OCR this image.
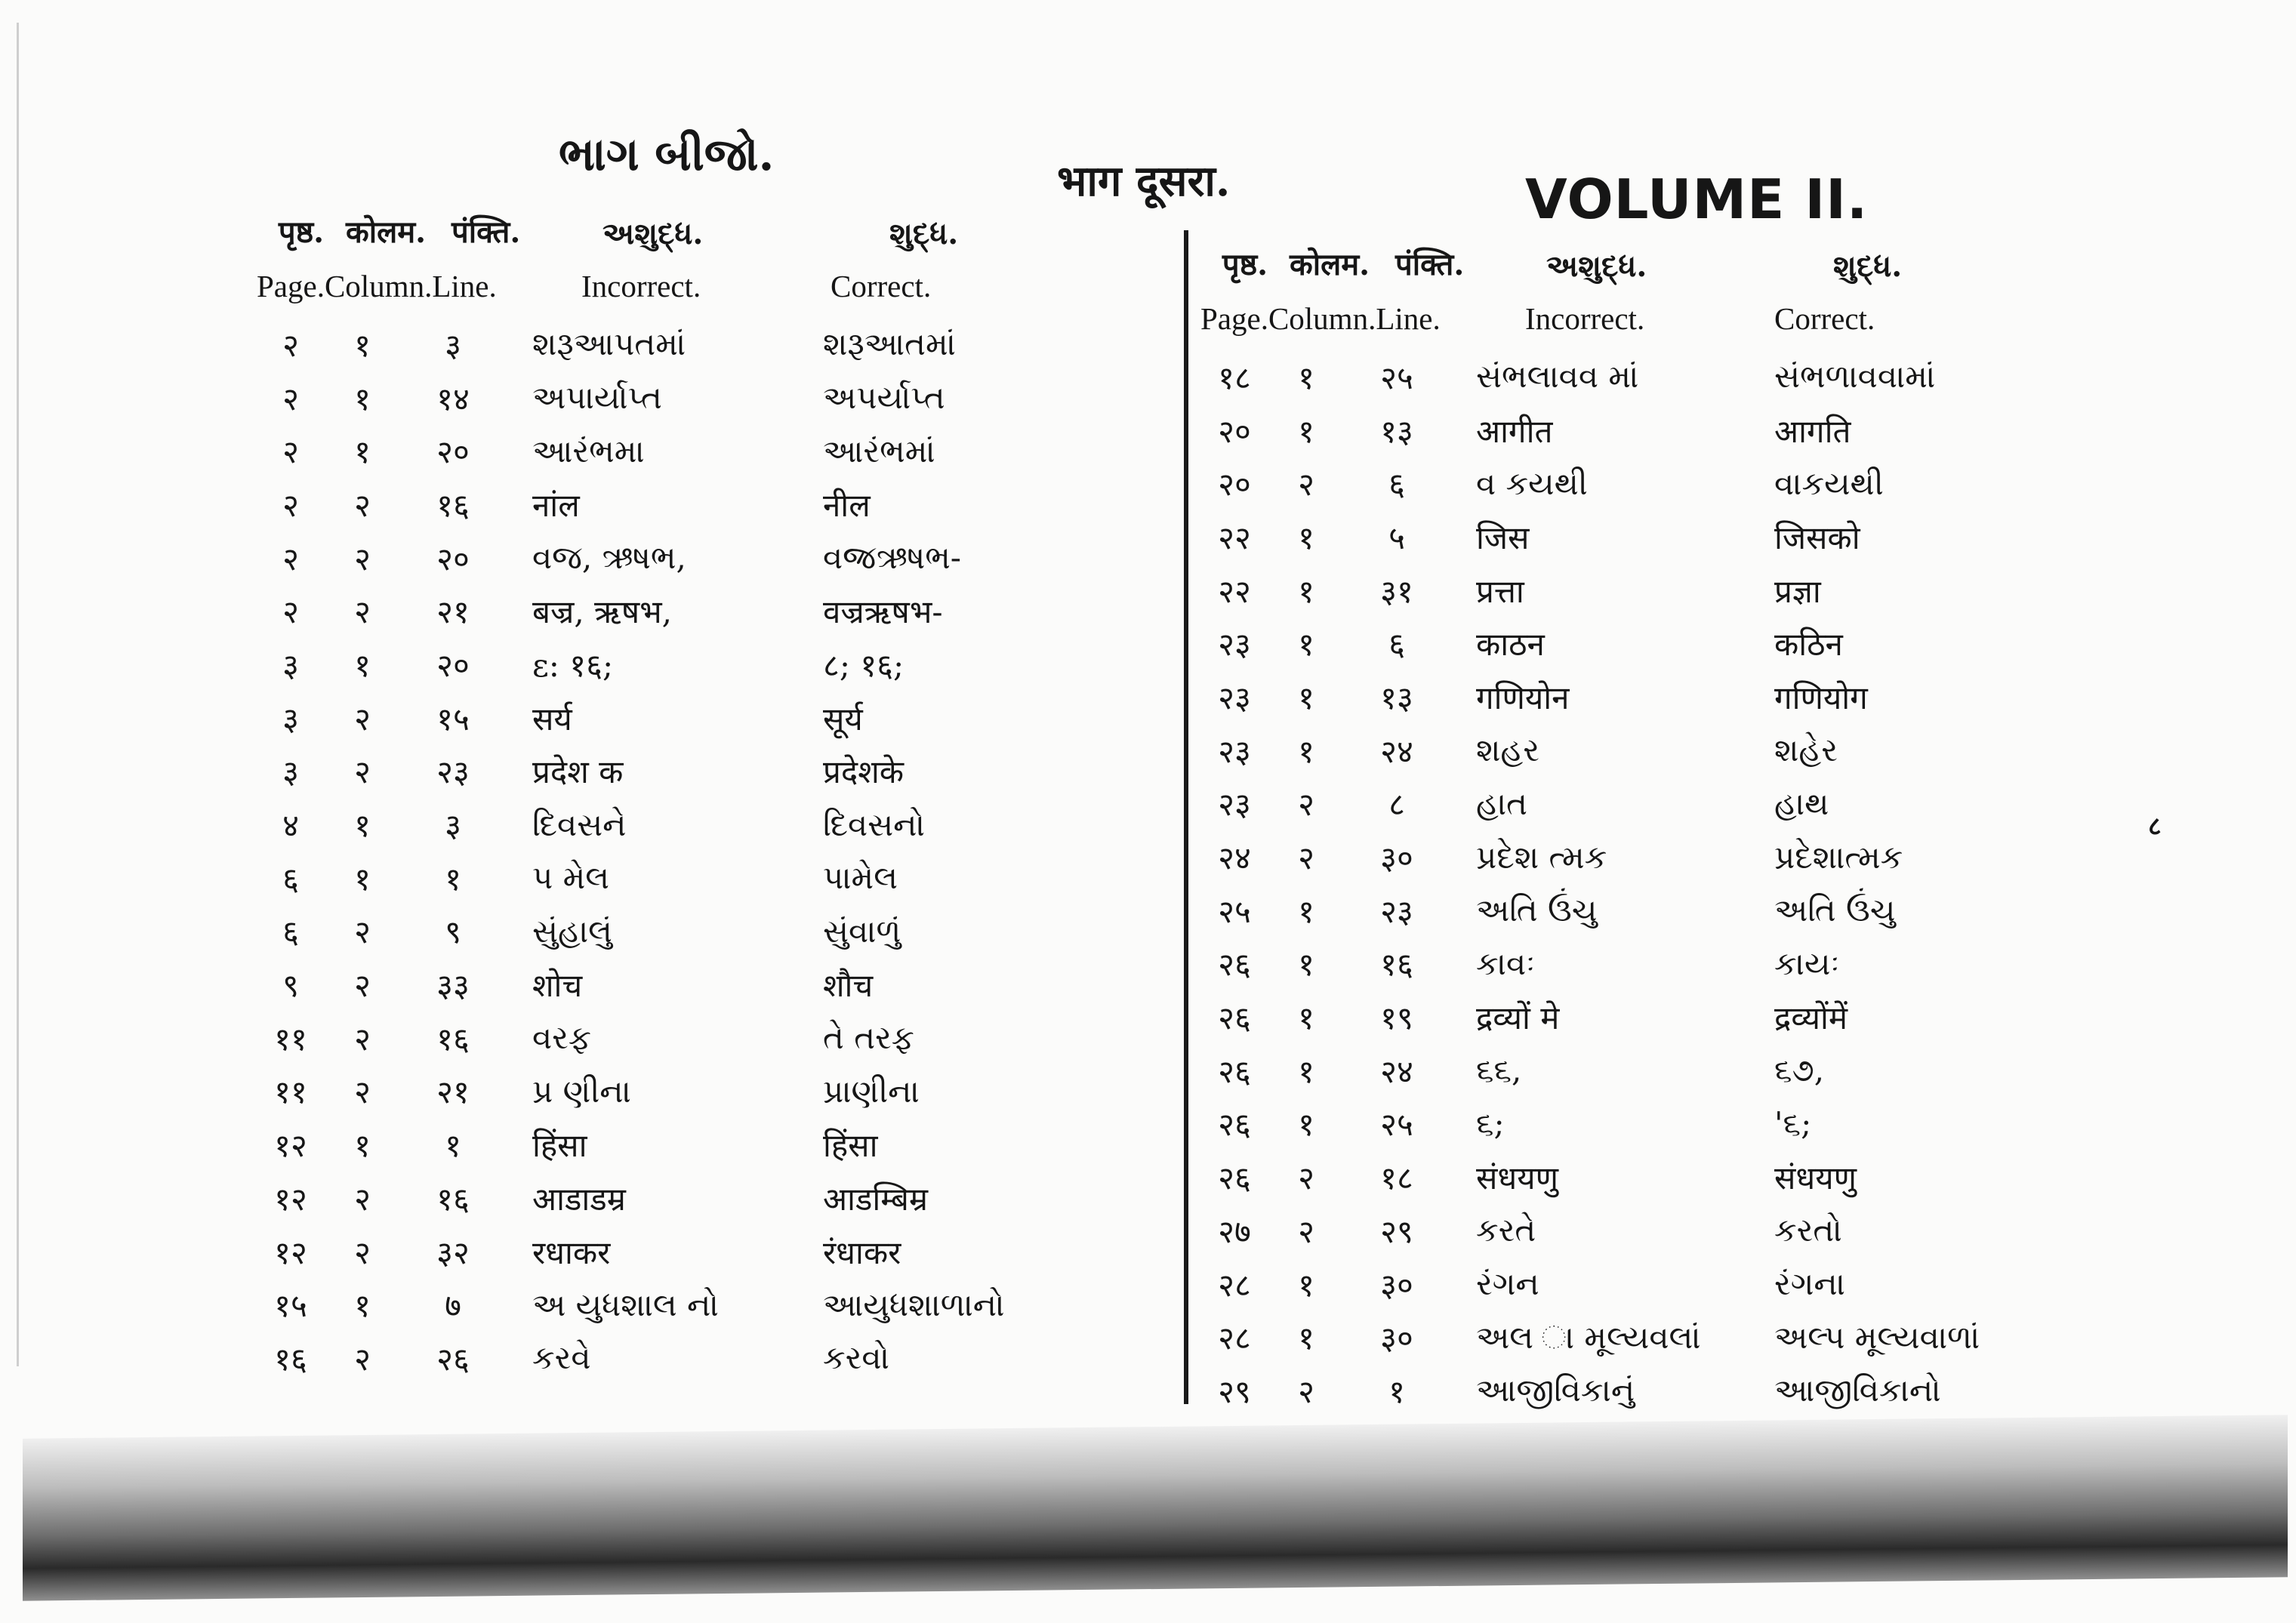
ભાગ બીજો.	भाग दूसरा.	VOLUME II.
पृष्ठ. कोलम. पंक्ति.	અશુદ્ધ.	શુદ્ધ.
Page.Column.Line.	Incorrect.	Correct.
२	१	३	શરૂઆપતમાં	શરૂઆતમાં
२	१	१४	અપાર્યાપ્ત	અપર્યાપ્ત
२	१	२०	આરંભમા	આરંભમાં
२	२	१६	नांल	नील
२	२	२०	વજ, ઋષભ,	વજ્રઋષભ-
२	२	२१	बज्र, ऋषभ,	वज्रऋषभ-
३	१	२०	ε: १६;	८; १६;
३	२	१५	सर्य	सूर्य
३	२	२३	प्रदेश क	प्रदेशके
४	१	३	દિવસને	દિવસનો
६	१	१	પ મેલ	પામેલ
६	२	९	સુંહાલું	સુંવાળું
९	२	३३	शोच	शौच
११	२	१६	વરફ	તે તરફ
११	२	२१	પ્ર ણીના	પ્રાણીના
१२	१	१	हिंसा	हिंसा
१२	२	१६	आडाडम्र	आडम्बिम्र
१२	२	३२	रधाकर	रंधाकर
१५	१	७	અ યુધશાલ નો	આયુધશાળાનો
१६	२	२६	કરવે	કરવો
पृष्ठ. कोलम. पंक्ति.	અશુદ્ધ.	શુદ્ધ.
Page.Column.Line.	Incorrect.	Correct.
१८	१	२५	સંભલાવવ માં	સંભળાવવામાં
२०	१	१३	आगीत	आगति
२०	२	६	વ કયથી	વાકયથી
२२	१	५	जिस	जिसको
२२	१	३१	प्रत्ता	प्रज्ञा
२३	१	६	काठन	कठिन
२३	१	१३	गणियोन	गणियोग
२३	१	२४	શહર	શહેર
२३	२	८	હાત	હાથ
२४	२	३०	પ્રદેશ ત્મક	પ્રદેશાત્મક
२५	१	२३	અતિ ઉંચુ	અતિ ઉંચુ
२६	१	१६	કાવઃ	કાયઃ
२६	१	१९	द्रव्यों मे	द्रव्योंमें
२६	१	२४	૬૬,	૬૭,
२६	१	२५	૬;	'૬;
२६	२	१८	संधयणु	संधयणु
२७	२	२९	કરતે	કરતો
२८	१	३०	રંગન	રંગના
२८	१	३०	અલ ા મૂલ્યવલાં	અલ્પ મૂલ્યવાળાં
२९	२	१	આજીવિકાનું	આજીવિકાનો
८
